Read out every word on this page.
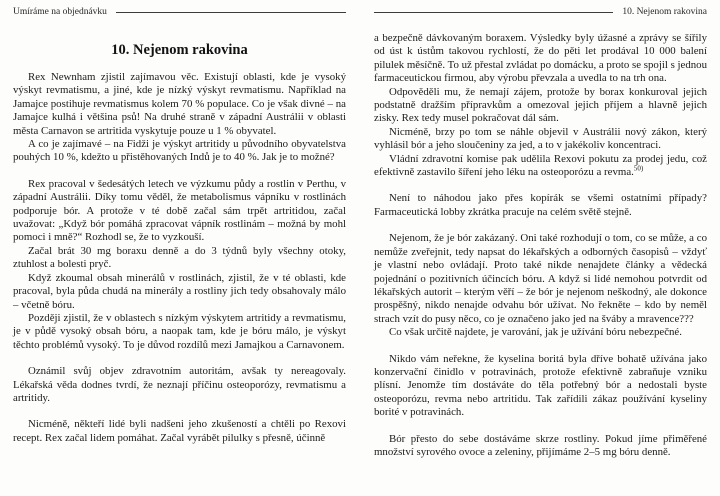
Umíráme na objednávku
10. Nejenom rakovina

Rex Newnham zjistil zajímavou věc. Existují oblasti, kde je vysoký výskyt revmatismu, a jiné, kde je nízký výskyt revmatismu. Například na Jamajce postihuje revmatismus kolem 70 % populace. Co je však divné – na Jamajce kulhá i většina psů! Na druhé straně v západní Austrálii v oblasti města Carnavon se artritida vyskytuje pouze u 1 % obyvatel.

A co je zajímavé – na Fidži je výskyt artritidy u původního obyvatelstva pouhých 10 %, kdežto u přistěhovaných Indů je to 40 %. Jak je to možné?

Rex pracoval v šedesátých letech ve výzkumu půdy a rostlin v Perthu, v západní Austrálii. Díky tomu věděl, že metabolismus vápníku v rostlinách podporuje bór. A protože v té době začal sám trpět artritidou, začal uvažovat: „Když bór pomáhá zpracovat vápník rostlinám – možná by mohl pomoci i mně?“ Rozhodl se, že to vyzkouší.

Začal brát 30 mg boraxu denně a do 3 týdnů byly všechny otoky, ztuhlost a bolesti pryč.

Když zkoumal obsah minerálů v rostlinách, zjistil, že v té oblasti, kde pracoval, byla půda chudá na minerály a rostliny jich tedy obsahovaly málo – včetně bóru.

Později zjistil, že v oblastech s nízkým výskytem artritidy a revmatismu, je v půdě vysoký obsah bóru, a naopak tam, kde je bóru málo, je výskyt těchto problémů vysoký. To je důvod rozdílů mezi Jamajkou a Carnavonem.

Oznámil svůj objev zdravotním autoritám, avšak ty nereagovaly. Lékařská věda dodnes tvrdí, že neznají příčinu osteoporózy, revmatismu a artritidy.

Nicméně, někteří lidé byli nadšeni jeho zkušeností a chtěli po Rexovi recept. Rex začal lidem pomáhat. Začal vyrábět pilulky s přesně, účinně

10. Nejenom rakovina

a bezpečně dávkovaným boraxem. Výsledky byly úžasné a zprávy se šířily od úst k ústům takovou rychlostí, že do pěti let prodával 10 000 balení pilulek měsíčně. To už přestal zvládat po domácku, a proto se spojil s jednou farmaceutickou firmou, aby výrobu převzala a uvedla to na trh ona.

Odpověděli mu, že nemají zájem, protože by borax konkuroval jejich podstatně dražším přípravkům a omezoval jejich příjem a hlavně jejich zisky. Rex tedy musel pokračovat dál sám.

Nicméně, brzy po tom se náhle objevil v Austrálii nový zákon, který vyhlásil bór a jeho sloučeniny za jed, a to v jakékoliv koncentraci.

Vládní zdravotní komise pak udělila Rexovi pokutu za prodej jedu, což efektivně zastavilo šíření jeho léku na osteoporózu a revma.$^{50)}$

Není to náhodou jako přes kopírák se všemi ostatními případy? Farmaceutická lobby zkrátka pracuje na celém světě stejně.

Nejenom, že je bór zakázaný. Oni také rozhodují o tom, co se může, a co nemůže zveřejnit, tedy napsat do lékařských a odborných časopisů – vždyť je vlastní nebo ovládají. Proto také nikde nenajdete články a vědecká pojednání o pozitivních účincích bóru. A když si lidé nemohou potvrdit od lékařských autorit – kterým věří – že bór je nejenom neškodný, ale dokonce prospěšný, nikdo nenajde odvahu bór užívat. No řekněte – kdo by neměl strach vzít do pusy něco, co je označeno jako jed na šváby a mravence???

Co však určitě najdete, je varování, jak je užívání bóru nebezpečné.

Nikdo vám neřekne, že kyselina boritá byla dříve bohatě užívána jako konzervační činidlo v potravinách, protože efektivně zabraňuje vzniku plísní. Jenomže tím dostáváte do těla potřebný bór a nedostali byste osteoporózu, revma nebo artritidu. Tak zařídili zákaz používání kyseliny borité v potravinách.

Bór přesto do sebe dostáváme skrze rostliny. Pokud jíme přiměřené množství syrového ovoce a zeleniny, přijímáme 2–5 mg bóru denně.
